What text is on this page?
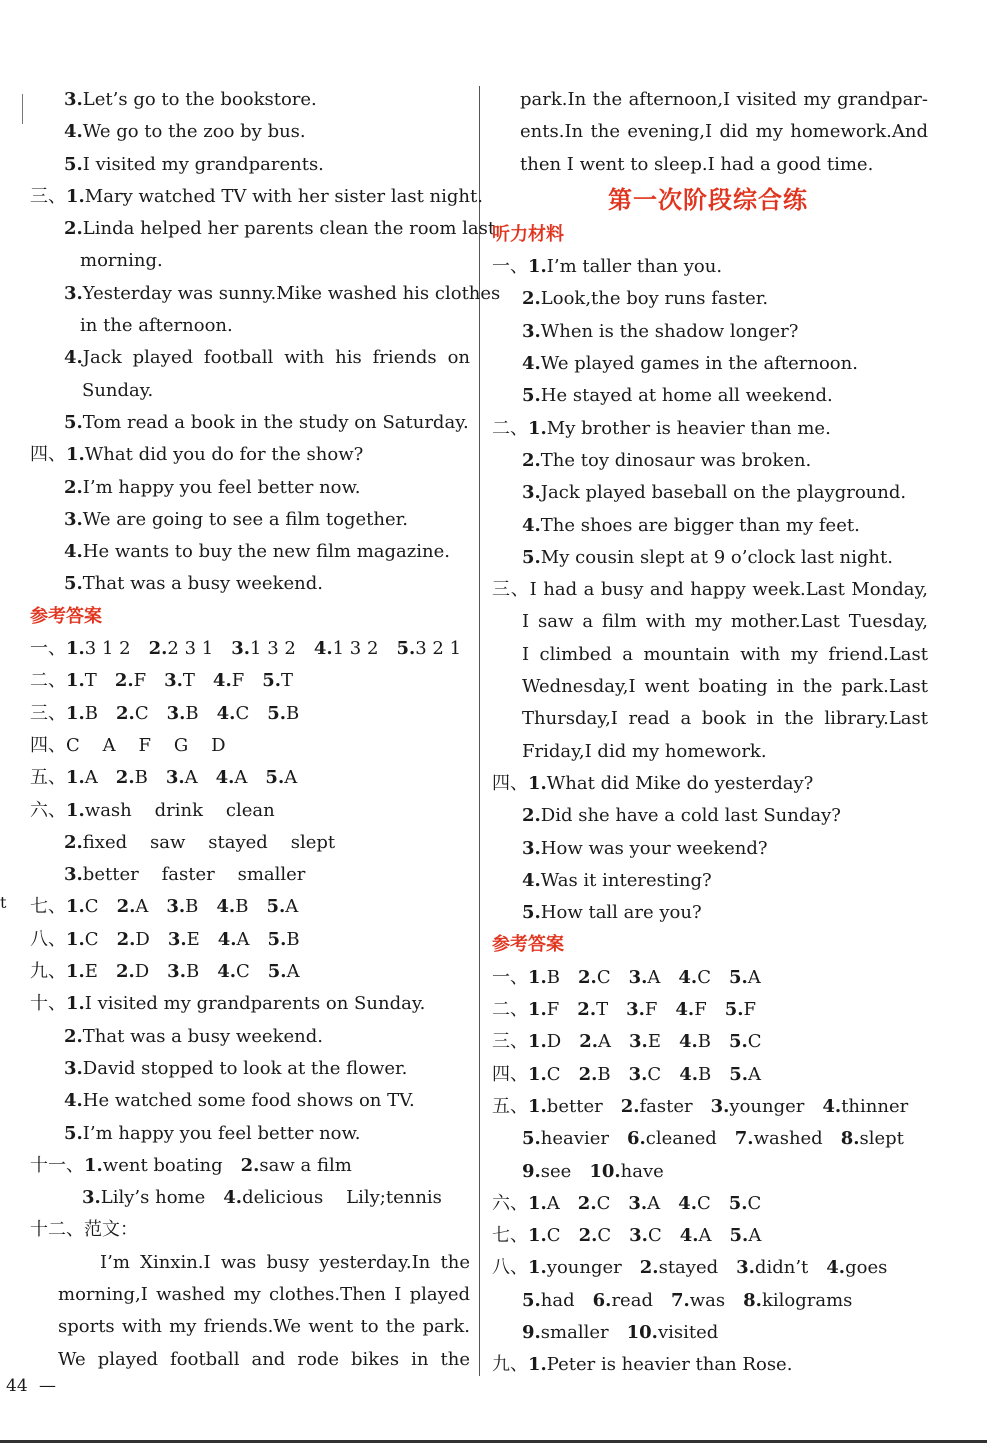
t
3.Let’s go to the bookstore.
4.We go to the zoo by bus.
5.I visited my grandparents.
三、1.Mary watched TV with her sister last night.
2.Linda helped her parents clean the room last
morning.
3.Yesterday was sunny.Mike washed his clothes
in the afternoon.
4.Jack played football with his friends on
Sunday.
5.Tom read a book in the study on Saturday.
四、1.What did you do for the show?
2.I’m happy you feel better now.
3.We are going to see a film together.
4.He wants to buy the new film magazine.
5.That was a busy weekend.
参考答案
一、1.3 1 2 2.2 3 1 3.1 3 2 4.1 3 2 5.3 2 1
二、1.T 2.F 3.T 4.F 5.T
三、1.B 2.C 3.B 4.C 5.B
四、C    A    F    G    D
五、1.A 2.B 3.A 4.A 5.A
六、1.wash    drink    clean
2.fixed    saw    stayed    slept
3.better    faster    smaller
七、1.C 2.A 3.B 4.B 5.A
八、1.C 2.D 3.E 4.A 5.B
九、1.E 2.D 3.B 4.C 5.A
十、1.I visited my grandparents on Sunday.
2.That was a busy weekend.
3.David stopped to look at the flower.
4.He watched some food shows on TV.
5.I’m happy you feel better now.
十一、1.went boating 2.saw a film
3.Lily’s home 4.delicious    Lily;tennis
十二、范文：
I’m Xinxin.I was busy yesterday.In the
morning,I washed my clothes.Then I played
sports with my friends.We went to the park.
We played football and rode bikes in the
park.In the afternoon,I visited my grandpar-
ents.In the evening,I did my homework.And
then I went to sleep.I had a good time.
第一次阶段综合练
听力材料
一、1.I’m taller than you.
2.Look,the boy runs faster.
3.When is the shadow longer?
4.We played games in the afternoon.
5.He stayed at home all weekend.
二、1.My brother is heavier than me.
2.The toy dinosaur was broken.
3.Jack played baseball on the playground.
4.The shoes are bigger than my feet.
5.My cousin slept at 9 o’clock last night.
三、I had a busy and happy week.Last Monday,
I saw a film with my mother.Last Tuesday,
I climbed a mountain with my friend.Last
Wednesday,I went boating in the park.Last
Thursday,I read a book in the library.Last
Friday,I did my homework.
四、1.What did Mike do yesterday?
2.Did she have a cold last Sunday?
3.How was your weekend?
4.Was it interesting?
5.How tall are you?
参考答案
一、1.B 2.C 3.A 4.C 5.A
二、1.F 2.T 3.F 4.F 5.F
三、1.D 2.A 3.E 4.B 5.C
四、1.C 2.B 3.C 4.B 5.A
五、1.better 2.faster 3.younger 4.thinner
5.heavier 6.cleaned 7.washed 8.slept
9.see 10.have
六、1.A 2.C 3.A 4.C 5.C
七、1.C 2.C 3.C 4.A 5.A
八、1.younger 2.stayed 3.didn’t 4.goes
5.had 6.read 7.was 8.kilograms
9.smaller 10.visited
九、1.Peter is heavier than Rose.
44 —
